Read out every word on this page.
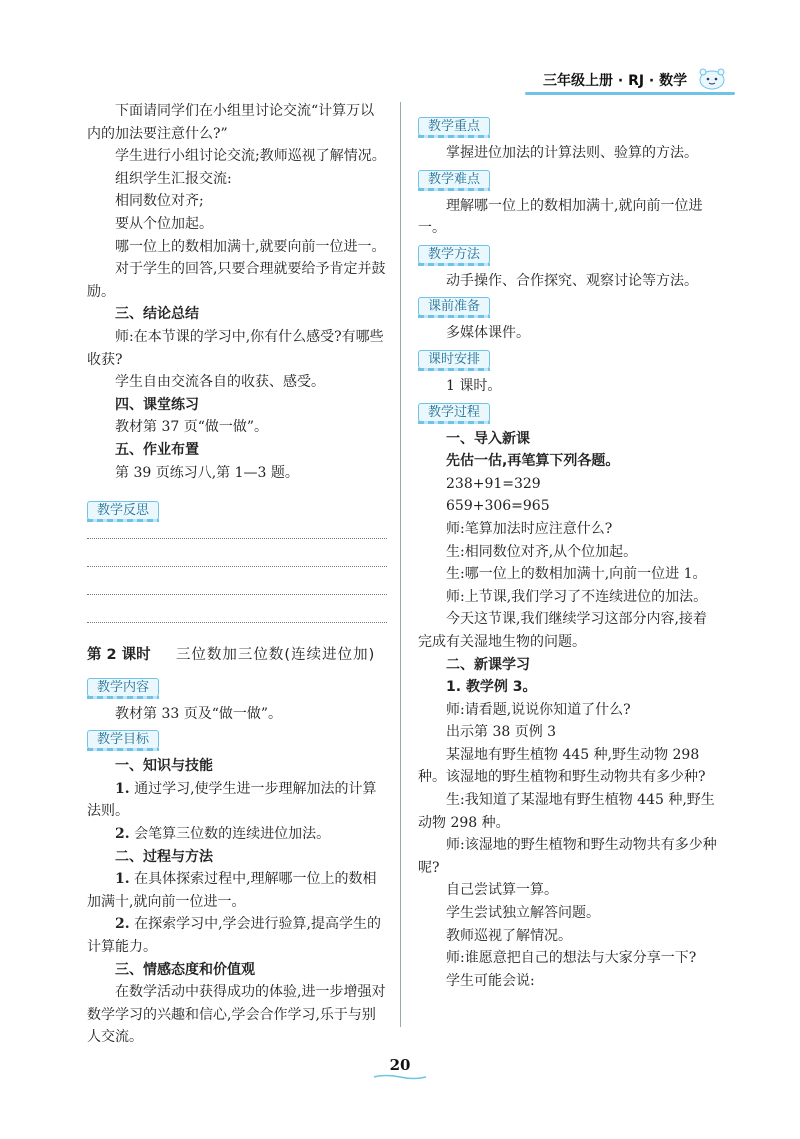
三年级上册 · RJ · 数学

下面请同学们在小组里讨论交流“计算万以内的加法要注意什么?”

学生进行小组讨论交流;教师巡视了解情况。

组织学生汇报交流:

相同数位对齐;

要从个位加起。

哪一位上的数相加满十,就要向前一位进一。

对于学生的回答,只要合理就要给予肯定并鼓励。

三、结论总结

师:在本节课的学习中,你有什么感受?有哪些收获?

学生自由交流各自的收获、感受。

四、课堂练习

教材第 37 页“做一做”。

五、作业布置

第 39 页练习八,第 1—3 题。

教学反思
第 2 课时 三位数加三位数(连续进位加)
教学内容

教材第 33 页及“做一做”。

教学目标

一、知识与技能

1. 通过学习,使学生进一步理解加法的计算法则。

2. 会笔算三位数的连续进位加法。

二、过程与方法

1. 在具体探索过程中,理解哪一位上的数相加满十,就向前一位进一。

2. 在探索学习中,学会进行验算,提高学生的计算能力。

三、情感态度和价值观

在数学活动中获得成功的体验,进一步增强对数学学习的兴趣和信心,学会合作学习,乐于与别人交流。

教学重点

掌握进位加法的计算法则、验算的方法。

教学难点

理解哪一位上的数相加满十,就向前一位进一。

教学方法

动手操作、合作探究、观察讨论等方法。

课前准备

多媒体课件。

课时安排

1 课时。

教学过程

一、导入新课

先估一估,再笔算下列各题。

238+91=329

659+306=965

师:笔算加法时应注意什么?

生:相同数位对齐,从个位加起。

生:哪一位上的数相加满十,向前一位进 1。

师:上节课,我们学习了不连续进位的加法。

今天这节课,我们继续学习这部分内容,接着完成有关湿地生物的问题。

二、新课学习

1. 教学例 3。

师:请看题,说说你知道了什么?

出示第 38 页例 3

某湿地有野生植物 445 种,野生动物 298 种。该湿地的野生植物和野生动物共有多少种?

生:我知道了某湿地有野生植物 445 种,野生动物 298 种。

师:该湿地的野生植物和野生动物共有多少种呢?

自己尝试算一算。

学生尝试独立解答问题。

教师巡视了解情况。

师:谁愿意把自己的想法与大家分享一下?

学生可能会说:

20
